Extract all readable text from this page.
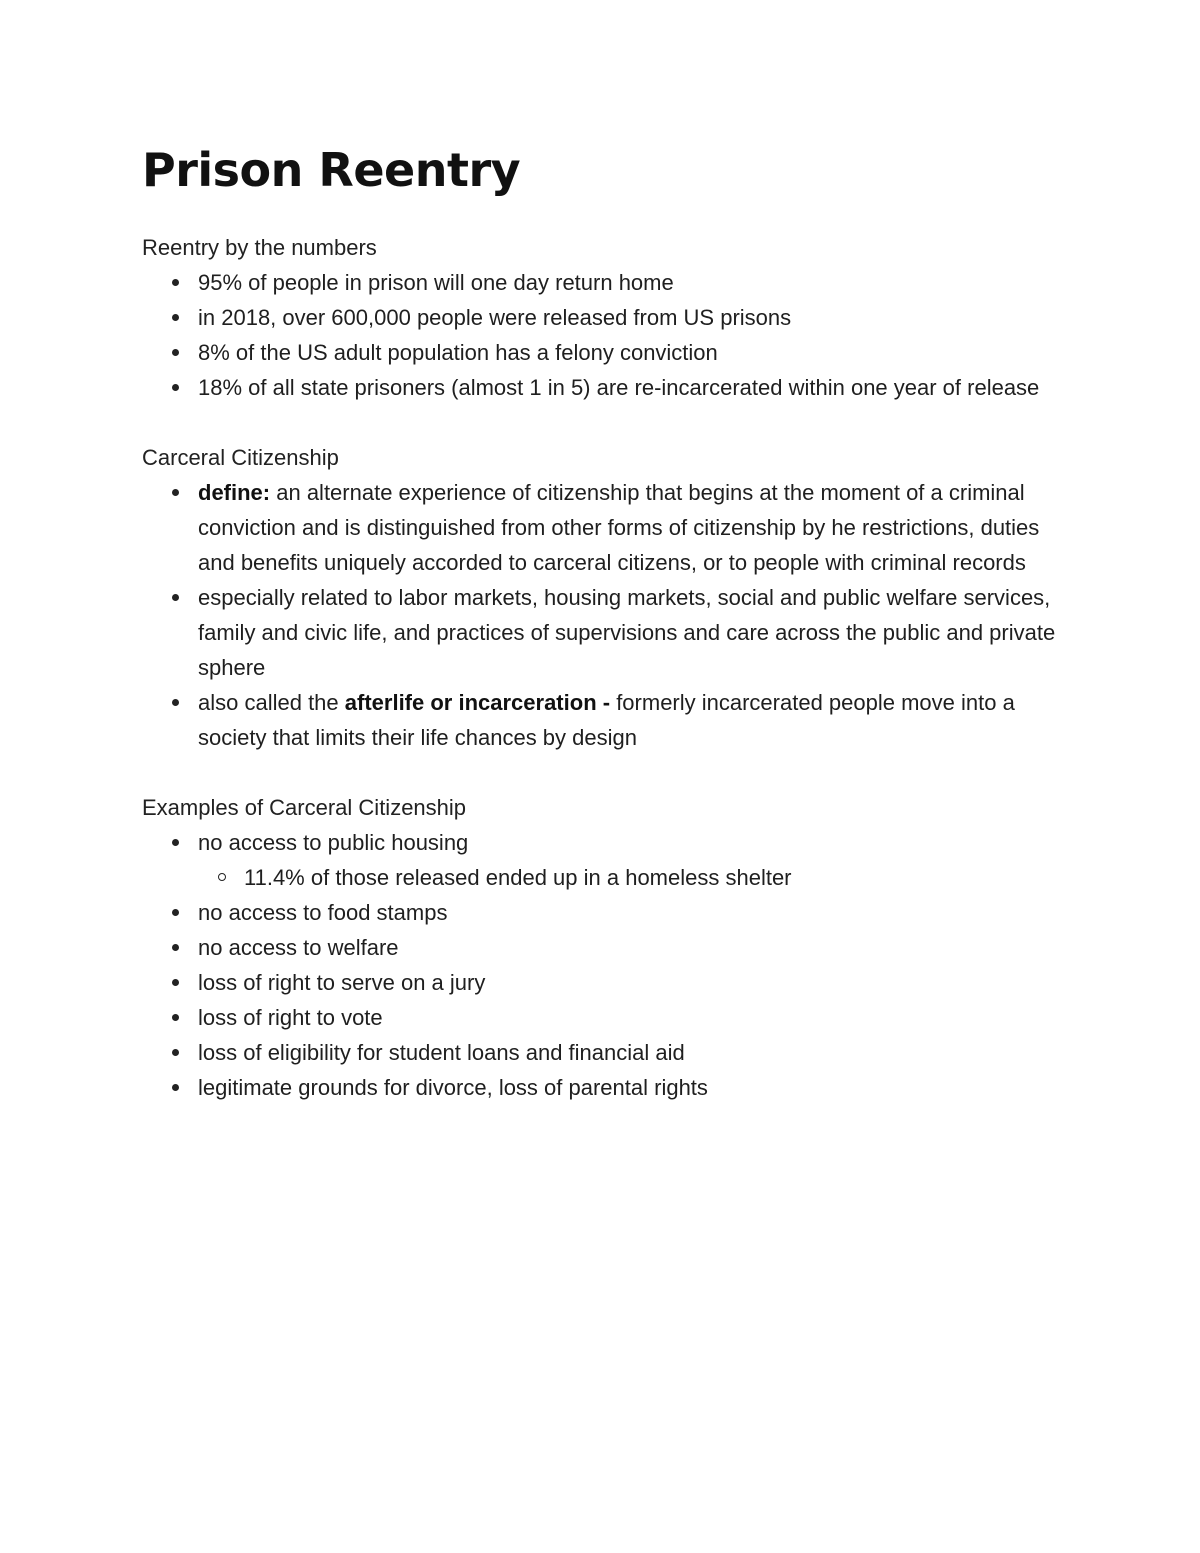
Prison Reentry

Reentry by the numbers

95% of people in prison will one day return home
in 2018, over 600,000 people were released from US prisons
8% of the US adult population has a felony conviction
18% of all state prisoners (almost 1 in 5) are re-incarcerated within one year of release

Carceral Citizenship

define: an alternate experience of citizenship that begins at the moment of a criminal conviction and is distinguished from other forms of citizenship by he restrictions, duties and benefits uniquely accorded to carceral citizens, or to people with criminal records
especially related to labor markets, housing markets, social and public welfare services, family and civic life, and practices of supervisions and care across the public and private sphere
also called the afterlife or incarceration - formerly incarcerated people move into a society that limits their life chances by design

Examples of Carceral Citizenship

no access to public housing
11.4% of those released ended up in a homeless shelter
no access to food stamps
no access to welfare
loss of right to serve on a jury
loss of right to vote
loss of eligibility for student loans and financial aid
legitimate grounds for divorce, loss of parental rights
